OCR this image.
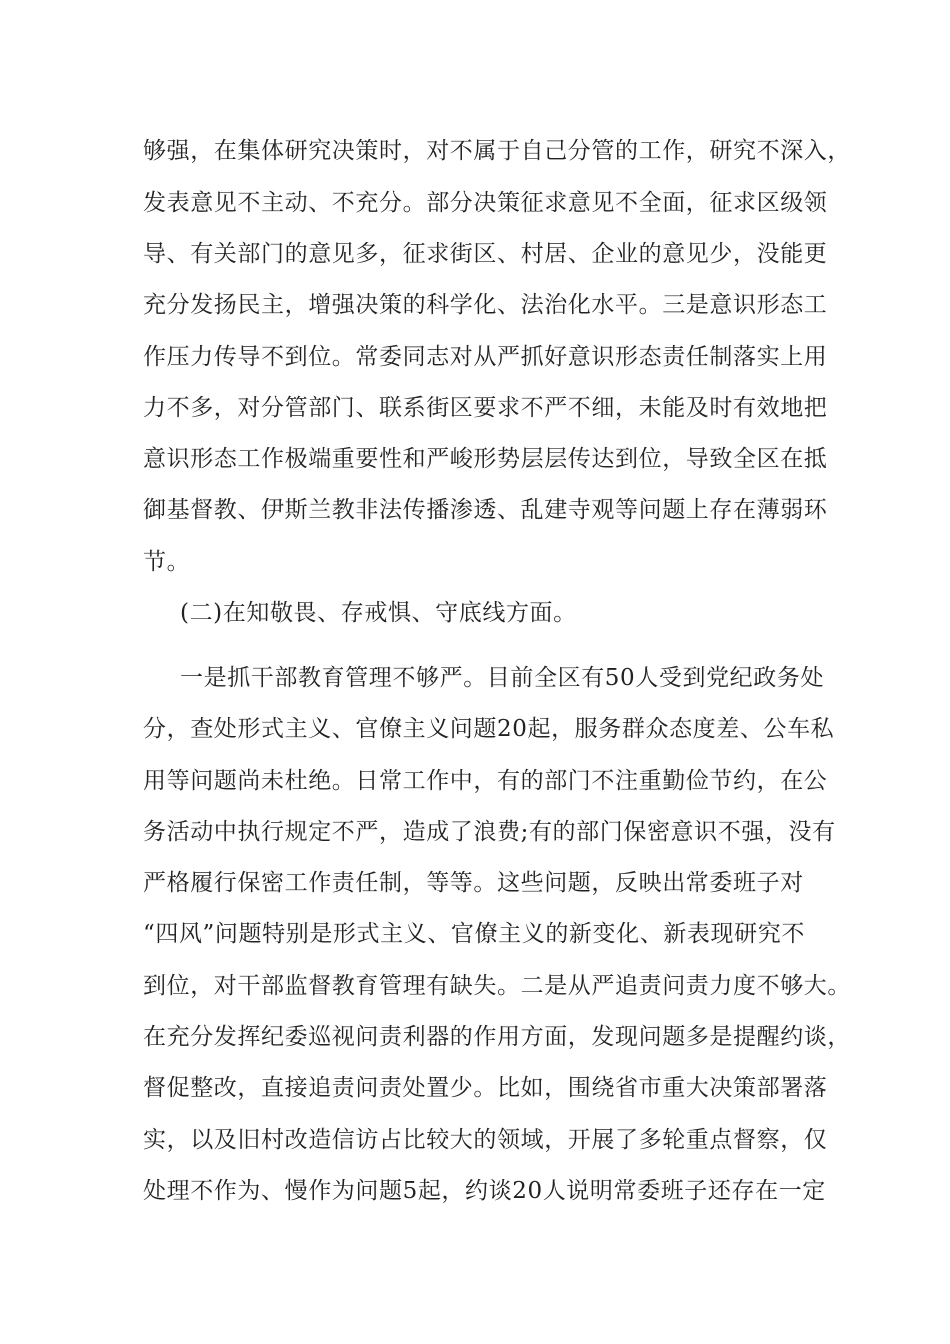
够强，在集体研究决策时，对不属于自己分管的工作，研究不深入，
发表意见不主动、不充分。部分决策征求意见不全面，征求区级领
导、有关部门的意见多，征求街区、村居、企业的意见少，没能更
充分发扬民主，增强决策的科学化、法治化水平。三是意识形态工
作压力传导不到位。常委同志对从严抓好意识形态责任制落实上用
力不多，对分管部门、联系街区要求不严不细，未能及时有效地把
意识形态工作极端重要性和严峻形势层层传达到位，导致全区在抵
御基督教、伊斯兰教非法传播渗透、乱建寺观等问题上存在薄弱环
节。
(二)在知敬畏、存戒惧、守底线方面。
一是抓干部教育管理不够严。目前全区有50人受到党纪政务处
分，查处形式主义、官僚主义问题20起，服务群众态度差、公车私
用等问题尚未杜绝。日常工作中，有的部门不注重勤俭节约，在公
务活动中执行规定不严，造成了浪费;有的部门保密意识不强，没有
严格履行保密工作责任制，等等。这些问题，反映出常委班子对
“四风”问题特别是形式主义、官僚主义的新变化、新表现研究不
到位，对干部监督教育管理有缺失。二是从严追责问责力度不够大。
在充分发挥纪委巡视问责利器的作用方面，发现问题多是提醒约谈，
督促整改，直接追责问责处置少。比如，围绕省市重大决策部署落
实，以及旧村改造信访占比较大的领域，开展了多轮重点督察，仅
处理不作为、慢作为问题5起，约谈20人说明常委班子还存在一定
